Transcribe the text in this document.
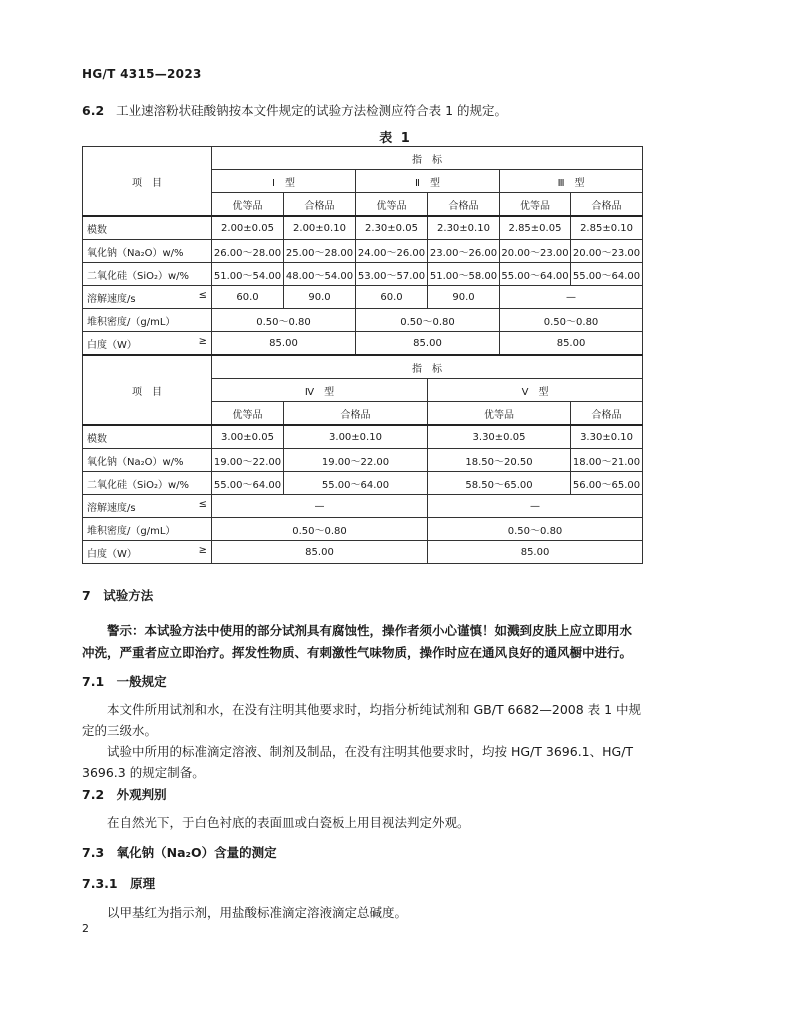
HG/T 4315—2023
6.2 工业速溶粉状硅酸钠按本文件规定的试验方法检测应符合表 1 的规定。
表 1
项　目	指　标					
	Ⅰ　型		Ⅱ　型		Ⅲ　型	
	优等品	合格品	优等品	合格品	优等品	合格品
模数	2.00±0.05	2.00±0.10	2.30±0.05	2.30±0.10	2.85±0.05	2.85±0.10
氧化钠（Na₂O）w/%	26.00～28.00	25.00～28.00	24.00～26.00	23.00～26.00	20.00～23.00	20.00～23.00
二氧化硅（SiO₂）w/%	51.00～54.00	48.00～54.00	53.00～57.00	51.00～58.00	55.00～64.00	55.00～64.00
溶解速度/s ≤	60.0	90.0	60.0	90.0	—	
堆积密度/（g/mL）	0.50～0.80		0.50～0.80		0.50～0.80	
白度（W） ≥	85.00		85.00		85.00	
项　目	指　标					
	Ⅳ　型			Ⅴ　型		
	优等品	合格品		优等品		合格品
模数	3.00±0.05	3.00±0.10		3.30±0.05		3.30±0.10
氧化钠（Na₂O）w/%	19.00～22.00	19.00～22.00		18.50～20.50		18.00～21.00
二氧化硅（SiO₂）w/%	55.00～64.00	55.00～64.00		58.50～65.00		56.00～65.00
溶解速度/s ≤	—			—		
堆积密度/（g/mL）	0.50～0.80			0.50～0.80		
白度（W） ≥	85.00			85.00		
7　试验方法
警示：本试验方法中使用的部分试剂具有腐蚀性，操作者须小心谨慎！如溅到皮肤上应立即用水冲洗，严重者应立即治疗。挥发性物质、有刺激性气味物质，操作时应在通风良好的通风橱中进行。
7.1　一般规定
本文件所用试剂和水，在没有注明其他要求时，均指分析纯试剂和 GB/T 6682—2008 表 1 中规定的三级水。
试验中所用的标准滴定溶液、制剂及制品，在没有注明其他要求时，均按 HG/T 3696.1、HG/T 3696.3 的规定制备。
7.2　外观判别
在自然光下，于白色衬底的表面皿或白瓷板上用目视法判定外观。
7.3　氧化钠（Na₂O）含量的测定
7.3.1　原理
以甲基红为指示剂，用盐酸标准滴定溶液滴定总碱度。
2
